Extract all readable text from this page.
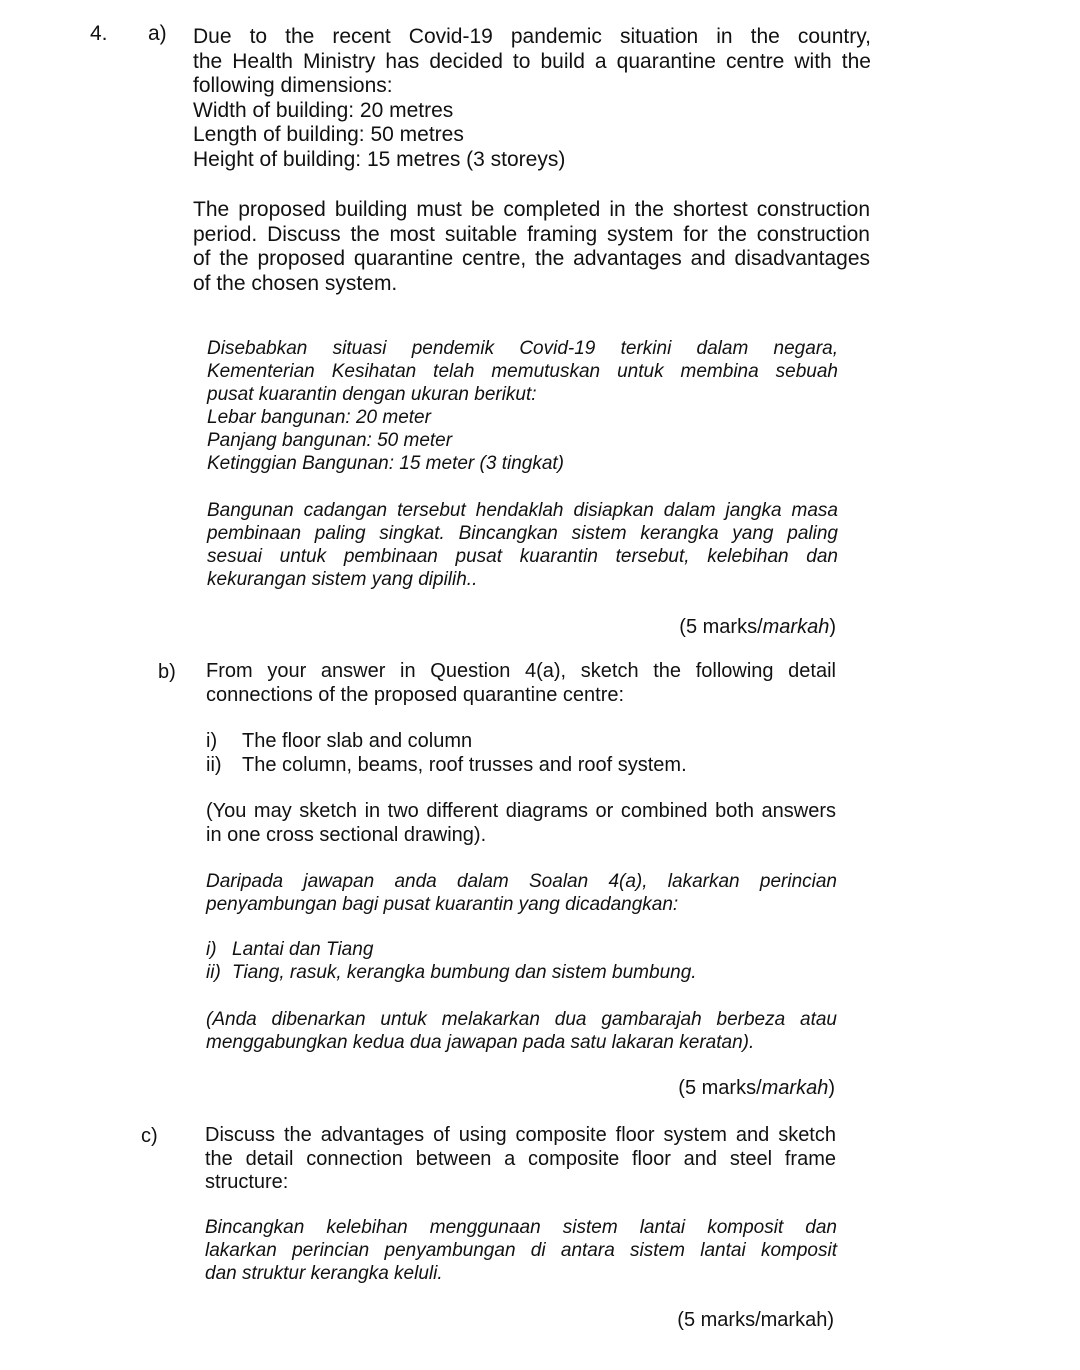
4. a) Due to the recent Covid-19 pandemic situation in the country,
the Health Ministry has decided to build a quarantine centre with the
following dimensions:
Width of building: 20 metres
Length of building: 50 metres
Height of building: 15 metres (3 storeys)
The proposed building must be completed in the shortest construction
period. Discuss the most suitable framing system for the construction
of the proposed quarantine centre, the advantages and disadvantages
of the chosen system.
Disebabkan situasi pendemik Covid-19 terkini dalam negara,
Kementerian Kesihatan telah memutuskan untuk membina sebuah
pusat kuarantin dengan ukuran berikut:
Lebar bangunan: 20 meter
Panjang bangunan: 50 meter
Ketinggian Bangunan: 15 meter (3 tingkat)
Bangunan cadangan tersebut hendaklah disiapkan dalam jangka masa
pembinaan paling singkat. Bincangkan sistem kerangka yang paling
sesuai untuk pembinaan pusat kuarantin tersebut, kelebihan dan
kekurangan sistem yang dipilih..
(5 marks/markah)
b) From your answer in Question 4(a), sketch the following detail
connections of the proposed quarantine centre:
i) The floor slab and column
ii) The column, beams, roof trusses and roof system.
(You may sketch in two different diagrams or combined both answers
in one cross sectional drawing).
Daripada jawapan anda dalam Soalan 4(a), lakarkan perincian
penyambungan bagi pusat kuarantin yang dicadangkan:
i) Lantai dan Tiang
ii) Tiang, rasuk, kerangka bumbung dan sistem bumbung.
(Anda dibenarkan untuk melakarkan dua gambarajah berbeza atau
menggabungkan kedua dua jawapan pada satu lakaran keratan).
(5 marks/markah)
c) Discuss the advantages of using composite floor system and sketch
the detail connection between a composite floor and steel frame
structure:
Bincangkan kelebihan menggunaan sistem lantai komposit dan
lakarkan perincian penyambungan di antara sistem lantai komposit
dan struktur kerangka keluli.
(5 marks/markah)
